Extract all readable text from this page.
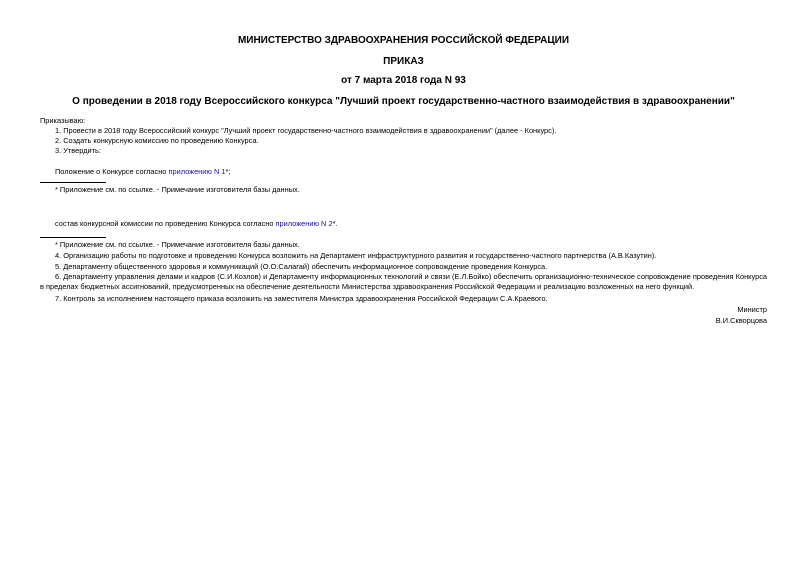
МИНИСТЕРСТВО ЗДРАВООХРАНЕНИЯ РОССИЙСКОЙ ФЕДЕРАЦИИ
ПРИКАЗ
от 7 марта 2018 года N 93
О проведении в 2018 году Всероссийского конкурса "Лучший проект государственно-частного взаимодействия в здравоохранении"
Приказываю:
1. Провести в 2018 году Всероссийский конкурс "Лучший проект государственно-частного взаимодействия в здравоохранении" (далее - Конкурс).
2. Создать конкурсную комиссию по проведению Конкурса.
3. Утвердить:
Положение о Конкурсе согласно приложению N 1*;
* Приложение см. по ссылке. - Примечание изготовителя базы данных.
состав конкурсной комиссии по проведению Конкурса согласно приложению N 2*.
* Приложение см. по ссылке. - Примечание изготовителя базы данных.
4. Организацию работы по подготовке и проведению Конкурса возложить на Департамент инфраструктурного развития и государственно-частного партнерства (А.В.Казутин).
5. Департаменту общественного здоровья и коммуникаций (О.О.Салагай) обеспечить информационное сопровождение проведения Конкурса.
6. Департаменту управления делами и кадров (С.И.Козлов) и Департаменту информационных технологий и связи (Е.Л.Бойко) обеспечить организационно-техническое сопровождение проведения Конкурса в пределах бюджетных ассигнований, предусмотренных на обеспечение деятельности Министерства здравоохранения Российской Федерации и реализацию возложенных на него функций.
7. Контроль за исполнением настоящего приказа возложить на заместителя Министра здравоохранения Российской Федерации С.А.Краевого.
Министр
В.И.Скворцова
